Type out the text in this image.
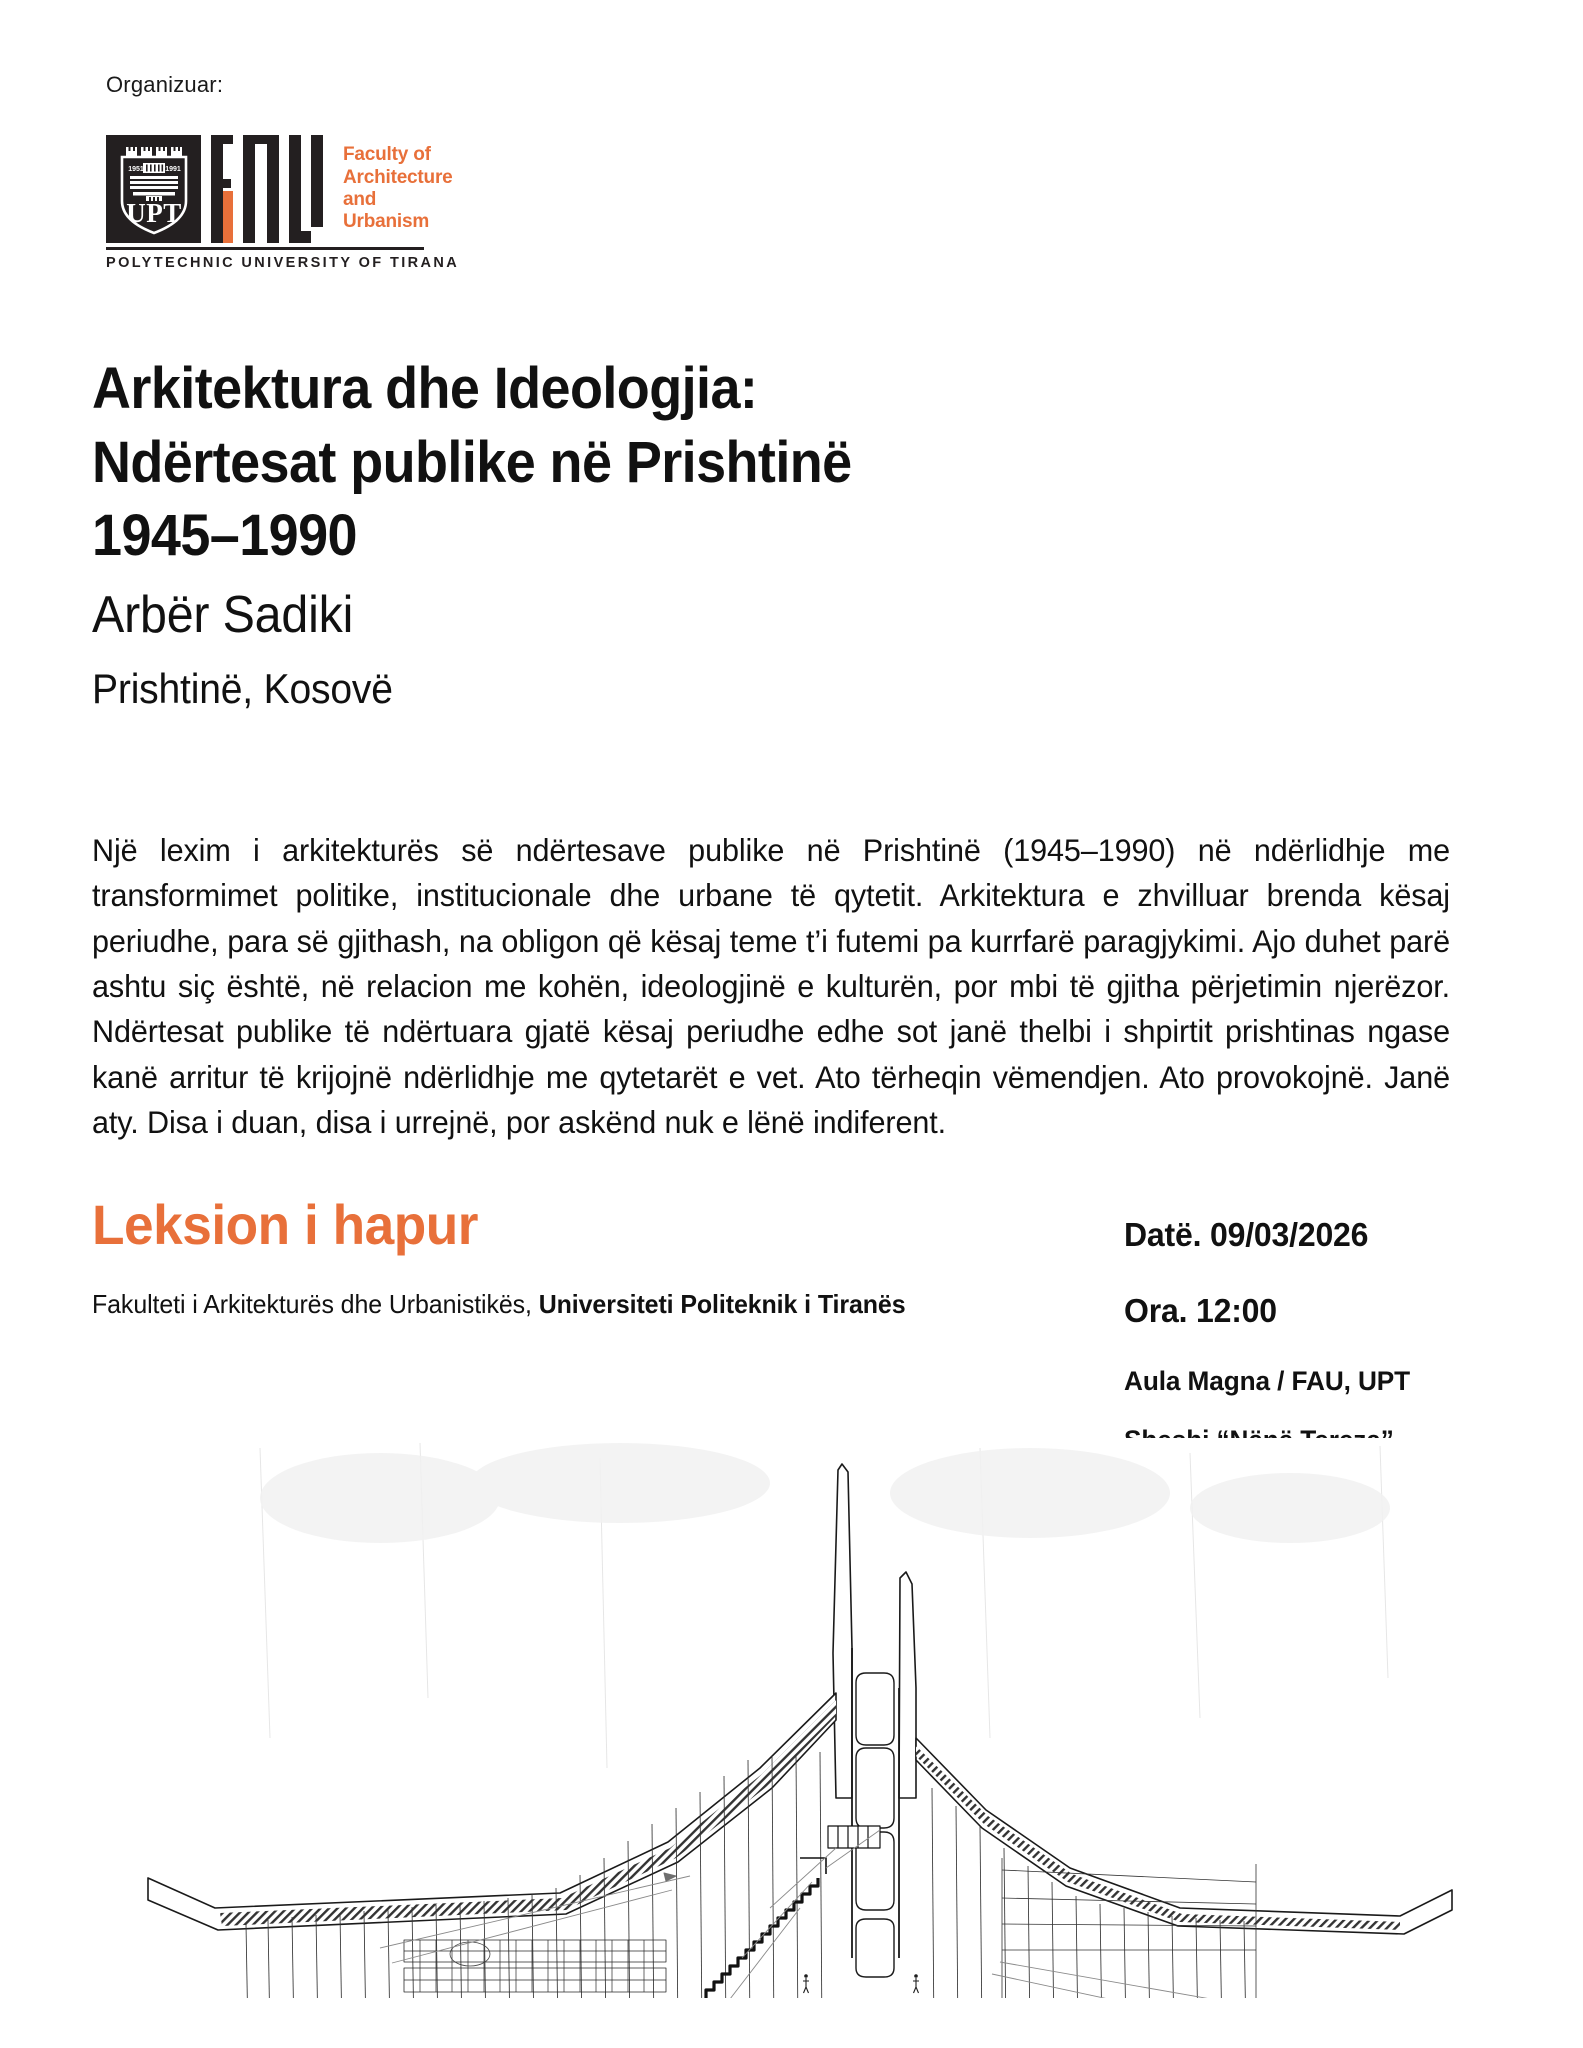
Organizuar:
1951	1991
UPT
Faculty of
Architecture
and Urbanism
POLYTECHNIC UNIVERSITY OF TIRANA
Arkitektura dhe Ideologjia:
Ndërtesat publike në Prishtinë
1945–1990
Arbër Sadiki
Prishtinë, Kosovë
Një lexim i arkitekturës së ndërtesave publike në Prishtinë (1945–1990) në ndërlidhje me transformimet politike, institucionale dhe urbane të qytetit. Arkitektura e zhvilluar brenda kësaj periudhe, para së gjithash, na obligon që kësaj teme t’i futemi pa kurrfarë paragjykimi. Ajo duhet parë ashtu siç është, në relacion me kohën, ideologjinë e kulturën, por mbi të gjitha përjetimin njerëzor. Ndërtesat publike të ndërtuara gjatë kësaj periudhe edhe sot janë thelbi i shpirtit prishtinas ngase kanë arritur të krijojnë ndërlidhje me qytetarët e vet. Ato tërheqin vëmendjen. Ato provokojnë. Janë aty. Disa i duan, disa i urrejnë, por askënd nuk e lënë indiferent.
Leksion i hapur
Fakulteti i Arkitekturës dhe Urbanistikës, Universiteti Politeknik i Tiranës
Datë. 09/03/2026
Ora. 12:00
Aula Magna / FAU, UPT
